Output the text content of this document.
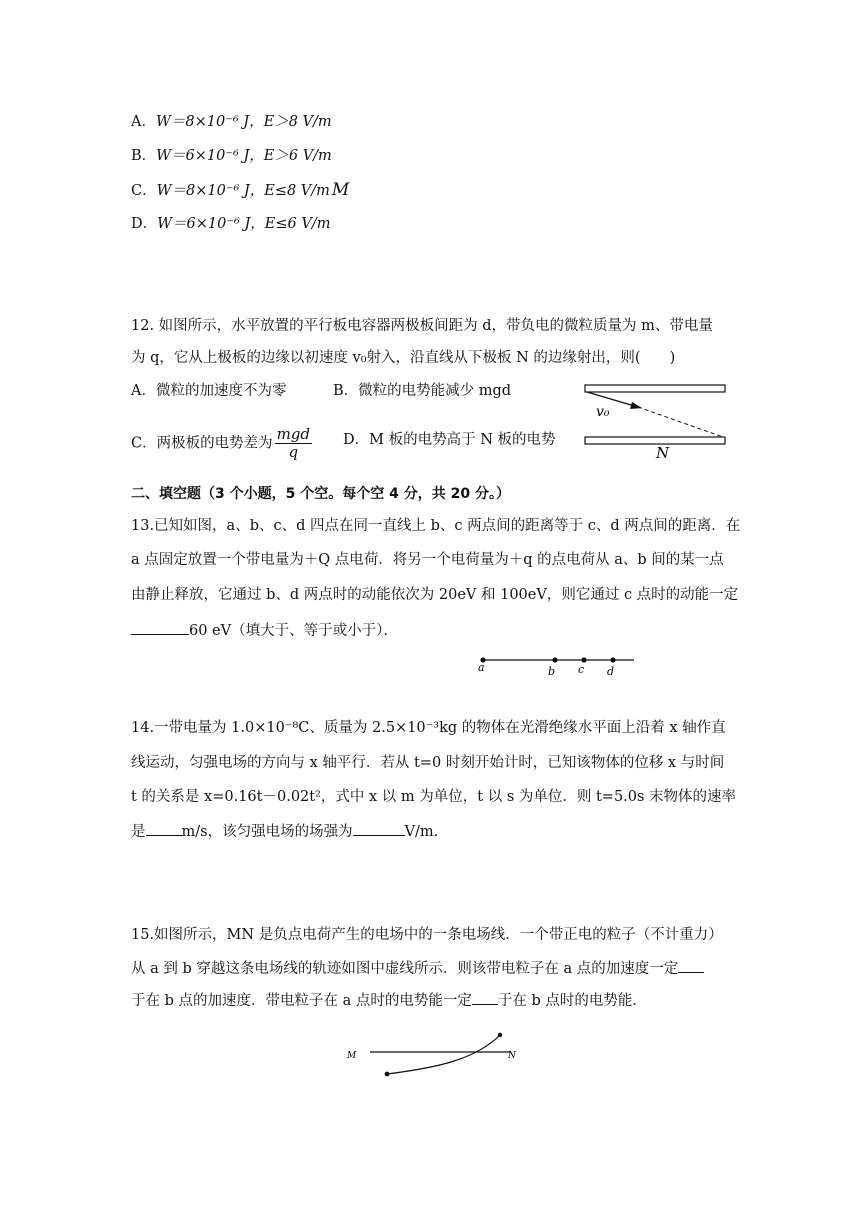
A．W＝8×10⁻⁶ J，E＞8 V/m
B．W＝6×10⁻⁶ J，E＞6 V/m
C．W＝8×10⁻⁶ J，E≤8 V/m M
D．W＝6×10⁻⁶ J，E≤6 V/m
12. 如图所示，水平放置的平行板电容器两极板间距为 d，带负电的微粒质量为 m、带电量
为 q，它从上极板的边缘以初速度 v₀射入，沿直线从下极板 N 的边缘射出，则(　　)
A．微粒的加速度不为零	B．微粒的电势能减少 mgd
C．两极板的电势差为 $\frac{\text{mgd}}{q}$ D．M 板的电势高于 N 板的电势
v₀
N
二、填空题（3 个小题，5 个空。每个空 4 分，共 20 分。）
13.已知如图，a、b、c、d 四点在同一直线上 b、c 两点间的距离等于 c、d 两点间的距离．在
a 点固定放置一个带电量为＋Q 点电荷．将另一个电荷量为＋q 的点电荷从 a、b 间的某一点
由静止释放，它通过 b、d 两点时的动能依次为 20eV 和 100eV，则它通过 c 点时的动能一定
60 eV（填大于、等于或小于）．
a	b c d
14.一带电量为 1.0×10⁻⁸C、质量为 2.5×10⁻³kg 的物体在光滑绝缘水平面上沿着 x 轴作直
线运动，匀强电场的方向与 x 轴平行．若从 t=0 时刻开始计时，已知该物体的位移 x 与时间
t 的关系是 x=0.16t－0.02t²，式中 x 以 m 为单位，t 以 s 为单位．则 t=5.0s 末物体的速率
是 m/s，该匀强电场的场强为	V/m.
15.如图所示，MN 是负点电荷产生的电场中的一条电场线．一个带正电的粒子（不计重力）
从 a 到 b 穿越这条电场线的轨迹如图中虚线所示．则该带电粒子在 a 点的加速度一定
于在 b 点的加速度．带电粒子在 a 点时的电势能一定 于在 b 点时的电势能．
M	N
